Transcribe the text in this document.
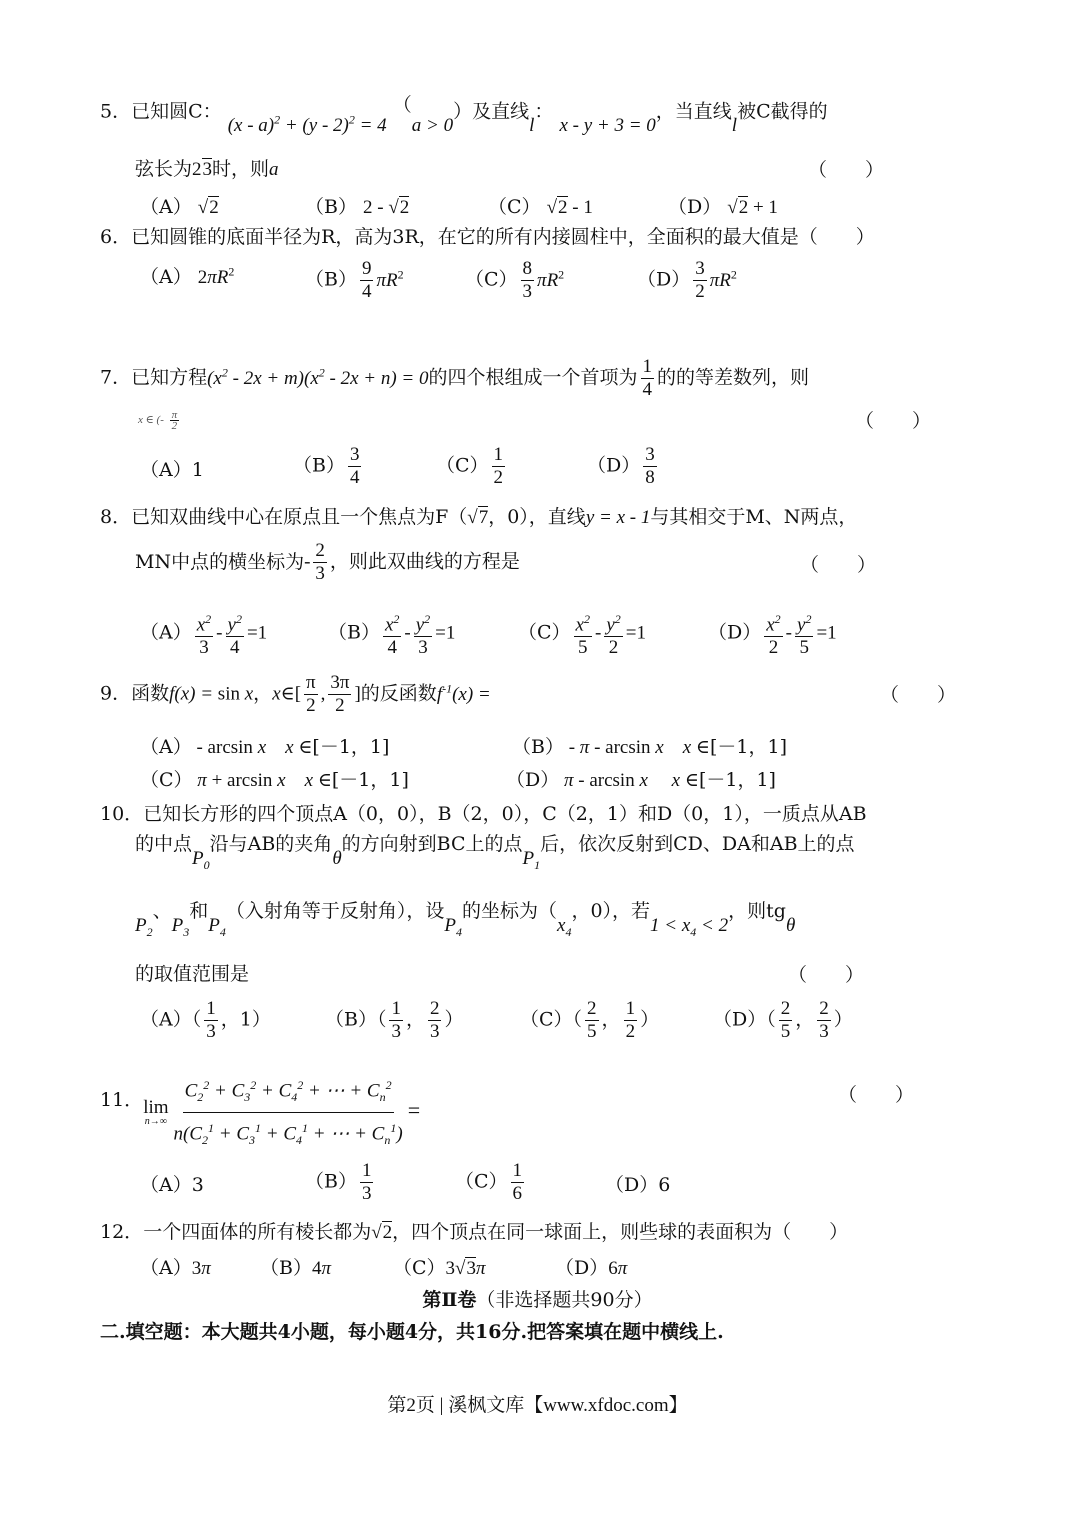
5．已知圆C： (x - a)$^2$ + (y - 2)$^2$ = 4 （a > 0）及直线l： x - y + 3 = 0，当直线l被C截得的
弦长为23时，则a	（　　）
（A） √2	（B） 2 - √2	（C） √2 - 1	（D） √2 + 1
6．已知圆锥的底面半径为R，高为3R，在它的所有内接圆柱中，全面积的最大值是（　　）
（A） $2\pi R^2$	$(B) \frac{9}{4} \pi R^2$	$(C) \frac{8}{3} \pi R^2$	$(D) \frac{3}{2} \pi R^2$
7．已知方程$(x^2 - 2x + m)(x^2 - 2x + n) = 0$的四个根组成一个首项为 $\frac{1}{4}$ 的的等差数列，则
x ∈ (- $\frac{\pi}{2}$	（　　）
（A）1	$(B) \frac{3}{4}$	$(C) \frac{1}{2}$	$(D) \frac{3}{8}$
8．已知双曲线中心在原点且一个焦点为F（√7，0），直线y = x - 1与其相交于M、N两点，
MN中点的横坐标为- $\frac{2}{3}$ ，则此双曲线的方程是	（　　）
$(A) \frac{x^2}{3} - \frac{y^2}{4} =1$	$(B) \frac{x^2}{4} - \frac{y^2}{3} =1$	$(C) \frac{x^2}{5} - \frac{y^2}{2} =1$	$(D) \frac{x^2}{2} - \frac{y^2}{5} =1$
9．函数f(x) = sin x，x∈[ $\frac{\pi}{2}$ , $\frac{3\pi}{2}$ ]的反函数$f^{-1}(x)$ =	（　　）
（A） - arcsin x　 x ∈[－1，1]	（B） - π - arcsin x　 x ∈[－1，1]
（C） π + arcsin x　 x ∈[－1，1]	（D） π - arcsin x　 x ∈[－1，1]
10．已知长方形的四个顶点A（0，0），B（2，0），C（2，1）和D（0，1），一质点从AB
的中点$P_0$沿与AB的夹角θ的方向射到BC上的点$P_1$后，依次反射到CD、DA和AB上的点
$P_2$、$P_3$和$P_4$（入射角等于反射角），设$P_4$的坐标为（$x_4$，0），若$1 < x_4 < 2$，则tgθ
的取值范围是	（　　）
$(A)( \frac{1}{3}$ ，1）	$(B)( \frac{1}{3}$ ， $\frac{2}{3}$ ）	$(C)( \frac{2}{5}$ ， $\frac{1}{2}$ ）	$(D)( \frac{2}{5}$ ， $\frac{2}{3}$ ）
11． lim
$n\to\infty \frac{C_2^2 + C_3^2 + C_4^2 + \cdots + C_n^2}{n(C_2^1 + C_3^1 + C_4^1 + \cdots + C_n^1)}$ =
（　　）
（A）3	$(B) \frac{1}{3}$	$(C) \frac{1}{6}$	（D）6
12．一个四面体的所有棱长都为√2，四个顶点在同一球面上，则些球的表面积为（　　）
（A）3π	（B）4π	（C）3√3π	（D）6π
第Ⅱ卷（非选择题共90分）
二.填空题：本大题共4小题，每小题4分，共16分.把答案填在题中横线上.
第2页 | 溪枫文库【www.xfdoc.com】
